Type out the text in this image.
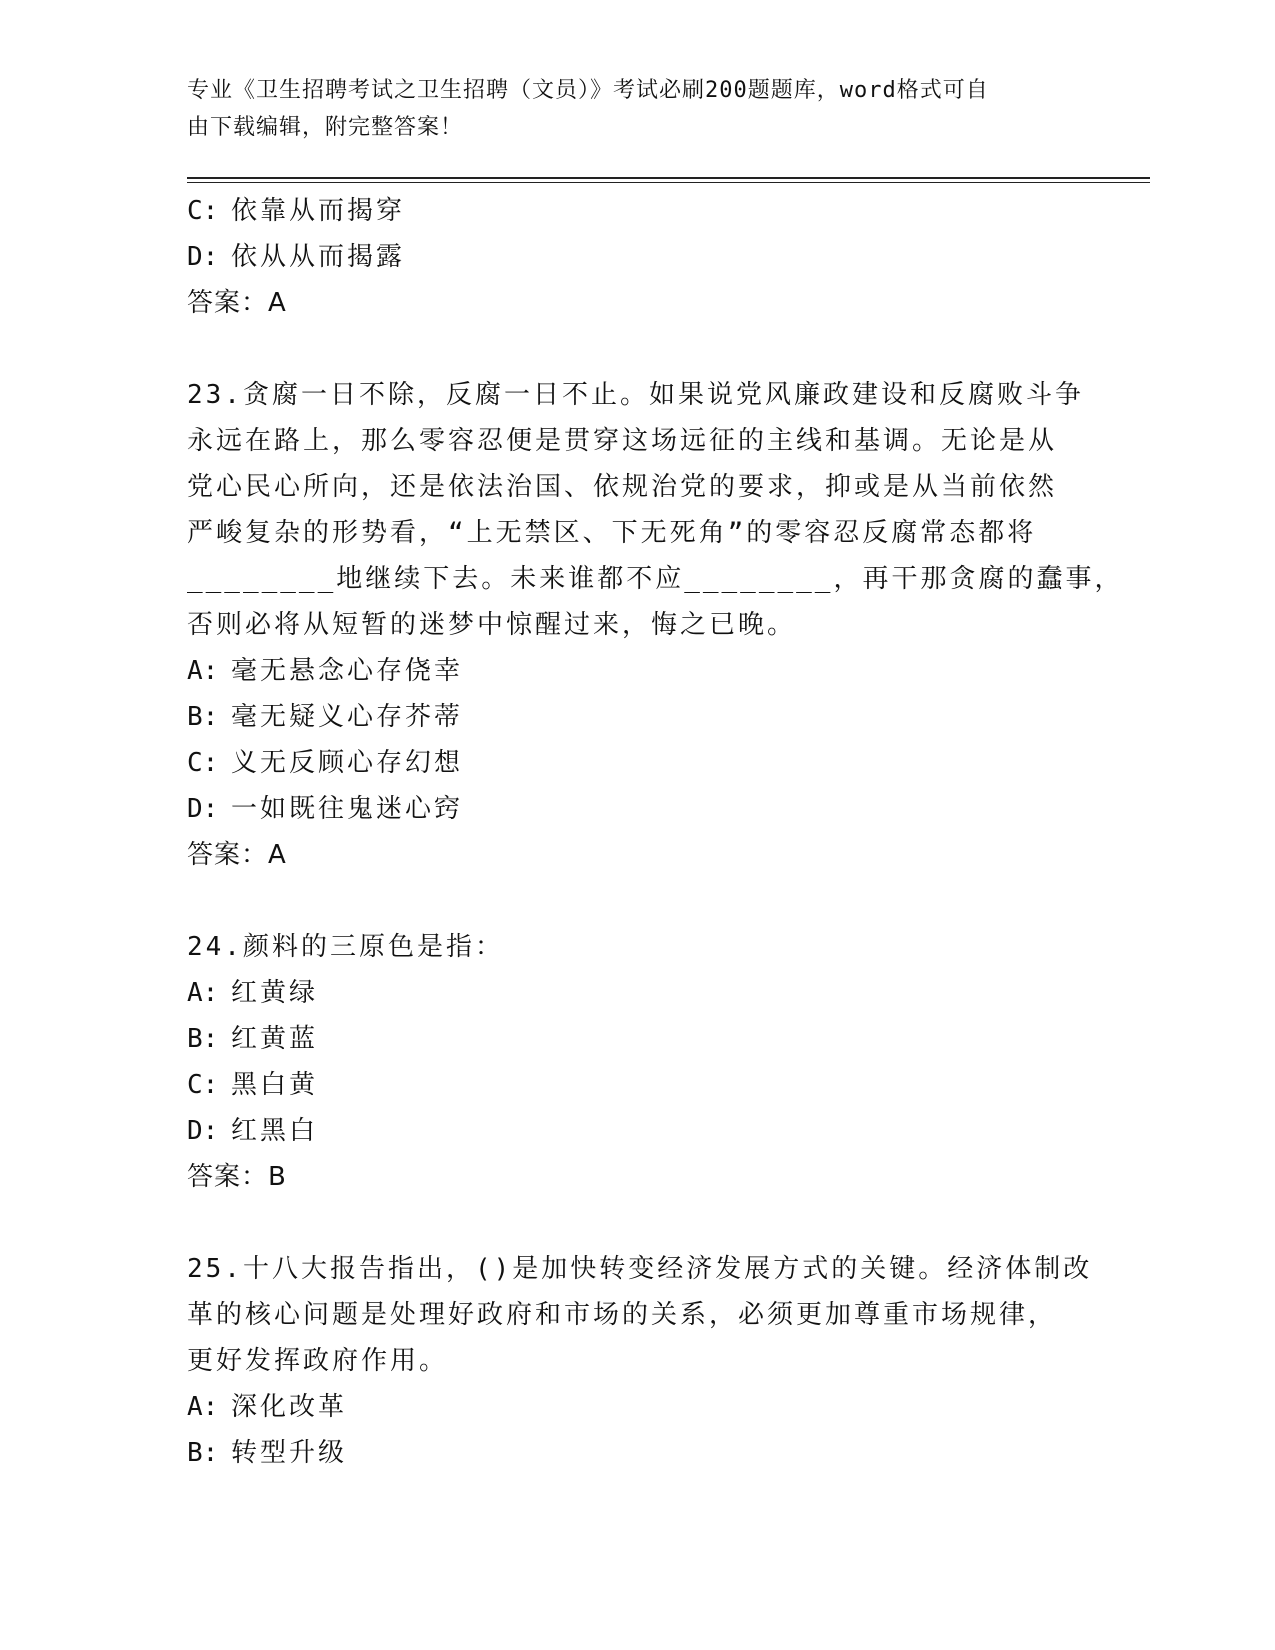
专业《卫生招聘考试之卫生招聘（文员）》考试必刷200题题库，word格式可自
由下载编辑，附完整答案！
C: 依靠从而揭穿
D: 依从从而揭露
答案：A
23.贪腐一日不除，反腐一日不止。如果说党风廉政建设和反腐败斗争
永远在路上，那么零容忍便是贯穿这场远征的主线和基调。无论是从
党心民心所向，还是依法治国、依规治党的要求，抑或是从当前依然
严峻复杂的形势看，“上无禁区、下无死角”的零容忍反腐常态都将
________地继续下去。未来谁都不应________，再干那贪腐的蠢事，
否则必将从短暂的迷梦中惊醒过来，悔之已晚。
A: 毫无悬念心存侥幸
B: 毫无疑义心存芥蒂
C: 义无反顾心存幻想
D: 一如既往鬼迷心窍
答案：A
24.颜料的三原色是指：
A: 红黄绿
B: 红黄蓝
C: 黑白黄
D: 红黑白
答案：B
25.十八大报告指出，()是加快转变经济发展方式的关键。经济体制改
革的核心问题是处理好政府和市场的关系，必须更加尊重市场规律，
更好发挥政府作用。
A: 深化改革
B: 转型升级
